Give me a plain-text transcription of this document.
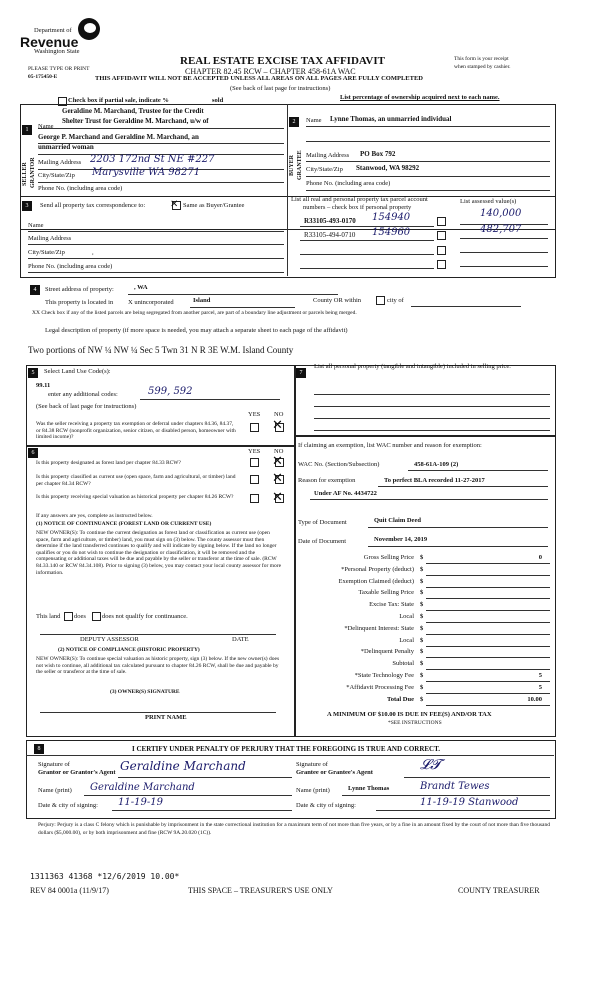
Department of
Revenue
Washington State
PLEASE TYPE OR PRINT
05-175450-E
REAL ESTATE EXCISE TAX AFFIDAVIT
CHAPTER 82.45 RCW – CHAPTER 458-61A WAC
This form is your receipt
when stamped by cashier.
THIS AFFIDAVIT WILL NOT BE ACCEPTED UNLESS ALL AREAS ON ALL PAGES ARE FULLY COMPLETED
(See back of last page for instructions)
Check box if partial sale, indicate %	sold	List percentage of ownership acquired next to each name.
1
SELLER GRANTOR
Name
Geraldine M. Marchand, Trustee for the Credit
Shelter Trust for Geraldine M. Marchand, u/w of
George P. Marchand and Geraldine M. Marchand, an
unmarried woman
Mailing Address 2203 172nd St NE #227
City/State/Zip Marysville WA 98271
Phone No. (including area code)
2
BUYER GRANTEE
Name Lynne Thomas, an unmarried individual
Mailing Address PO Box 792
City/State/Zip Stanwood, WA 98292
Phone No. (including area code)
3	Send all property tax correspondence to: ✕ Same as Buyer/Grantee
Name
Mailing Address
City/State/Zip	,
Phone No. (including area code)
List all real and personal property tax parcel account
numbers – check box if personal property
List assessed value(s)
R33105-493-0170 154940	140,000
R33105-494-0710 154960	482,707
4	Street address of property:	, WA
This property is located in X unincorporated	Island	County OR within	city of
XX Check box if any of the listed parcels are being segregated from another parcel, are part of a boundary line adjustment or parcels being merged.
Legal description of property (if more space is needed, you may attach a separate sheet to each page of the affidavit)
Two portions of NW ¼ NW ¼ Sec 5 Twn 31 N R 3E W.M. Island County
5	Select Land Use Code(s):
99.11
enter any additional codes:	599, 592
(See back of last page for instructions)
YES NO
Was the seller receiving a property tax exemption or deferral under chapters 84.36, 84.37, or 84.38 RCW (nonprofit organization, senior citizen, or disabled person, homeowner with limited income)?
✕
7
List all personal property (tangible and intangible) included in selling price.
6	YES NO
Is this property designated as forest land per chapter 84.33 RCW?	✕
Is this property classified as current use (open space, farm and agricultural, or timber) land per chapter 84.34 RCW?	✕
Is this property receiving special valuation as historical property per chapter 84.26 RCW?	✕
If any answers are yes, complete as instructed below.
(1) NOTICE OF CONTINUANCE (FOREST LAND OR CURRENT USE)
NEW OWNER(S): To continue the current designation as forest land or classification as current use (open space, farm and agriculture, or timber) land, you must sign on (3) below. The county assessor must then determine if the land transferred continues to qualify and will indicate by signing below. If the land no longer qualifies or you do not wish to continue the designation or classification, it will be removed and the compensating or additional taxes will be due and payable by the seller or transferor at the time of sale. (RCW 84.33.140 or RCW 84.34.108). Prior to signing (3) below, you may contact your local county assessor for more information.
This land does does not qualify for continuance.
DEPUTY ASSESSOR	DATE
(2) NOTICE OF COMPLIANCE (HISTORIC PROPERTY)
NEW OWNER(S): To continue special valuation as historic property, sign (3) below. If the new owner(s) does not wish to continue, all additional tax calculated pursuant to chapter 84.26 RCW, shall be due and payable by the seller or transferor at the time of sale.
(3) OWNER(S) SIGNATURE
PRINT NAME
If claiming an exemption, list WAC number and reason for exemption:
WAC No. (Section/Subsection)	458-61A-109 (2)
Reason for exemption	To perfect BLA recorded 11-27-2017
Under AF No. 4434722
Type of Document	Quit Claim Deed
Date of Document	November 14, 2019
Gross Selling Price $	0
*Personal Property (deduct) $
Exemption Claimed (deduct) $
Taxable Selling Price $
Excise Tax: State $
Local $
*Delinquent Interest: State $
Local $
*Delinquent Penalty $
Subtotal $
*State Technology Fee $	5
*Affidavit Processing Fee $	5
Total Due $	10.00
A MINIMUM OF $10.00 IS DUE IN FEE(S) AND/OR TAX
*SEE INSTRUCTIONS
8	I CERTIFY UNDER PENALTY OF PERJURY THAT THE FOREGOING IS TRUE AND CORRECT.
Signature of
Grantor or Grantor's Agent Geraldine Marchand
Name (print) Geraldine Marchand
Date & city of signing: 11-19-19
Signature of
Grantee or Grantee's Agent	𝓛𝓣
Name (print)	Lynne Thomas	Brandt Tewes
Date & city of signing:	11-19-19 Stanwood
Perjury: Perjury is a class C felony which is punishable by imprisonment in the state correctional institution for a maximum term of not more than five years, or by a fine in an amount fixed by the court of not more than five thousand dollars ($5,000.00), or by both imprisonment and fine (RCW 9A.20.020 (1C)).
1311363 41368 *12/6/2019 10.00*
REV 84 0001a (11/9/17)	THIS SPACE – TREASURER'S USE ONLY	COUNTY TREASURER
